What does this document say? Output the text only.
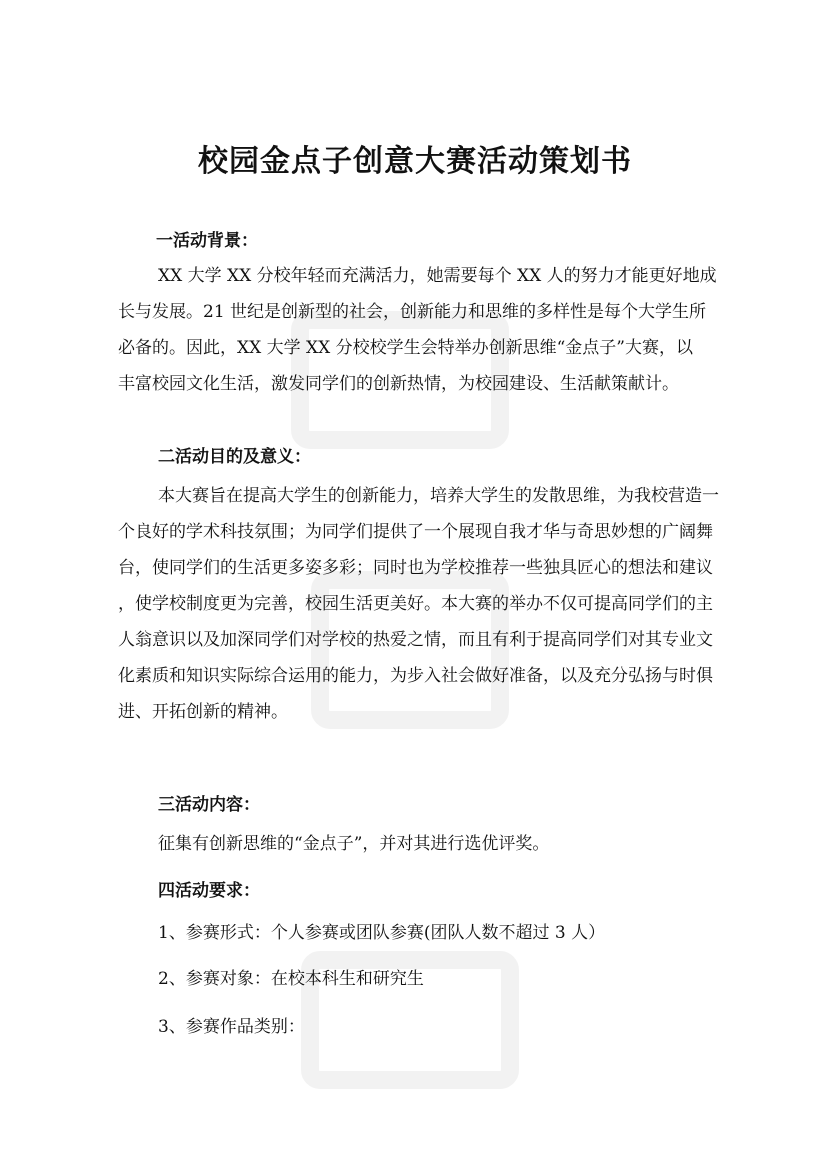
校园金点子创意大赛活动策划书
一活动背景：
XX 大学 XX 分校年轻而充满活力，她需要每个 XX 人的努力才能更好地成
长与发展。21 世纪是创新型的社会，创新能力和思维的多样性是每个大学生所
必备的。因此，XX 大学 XX 分校校学生会特举办创新思维“金点子”大赛，以
丰富校园文化生活，激发同学们的创新热情，为校园建设、生活献策献计。
二活动目的及意义：
本大赛旨在提高大学生的创新能力，培养大学生的发散思维，为我校营造一
个良好的学术科技氛围；为同学们提供了一个展现自我才华与奇思妙想的广阔舞
台，使同学们的生活更多姿多彩；同时也为学校推荐一些独具匠心的想法和建议
，使学校制度更为完善，校园生活更美好。本大赛的举办不仅可提高同学们的主
人翁意识以及加深同学们对学校的热爱之情，而且有利于提高同学们对其专业文
化素质和知识实际综合运用的能力，为步入社会做好准备，以及充分弘扬与时俱
进、开拓创新的精神。
三活动内容：
征集有创新思维的“金点子”，并对其进行选优评奖。
四活动要求：
1、参赛形式：个人参赛或团队参赛(团队人数不超过 3 人）
2、参赛对象：在校本科生和研究生
3、参赛作品类别：
